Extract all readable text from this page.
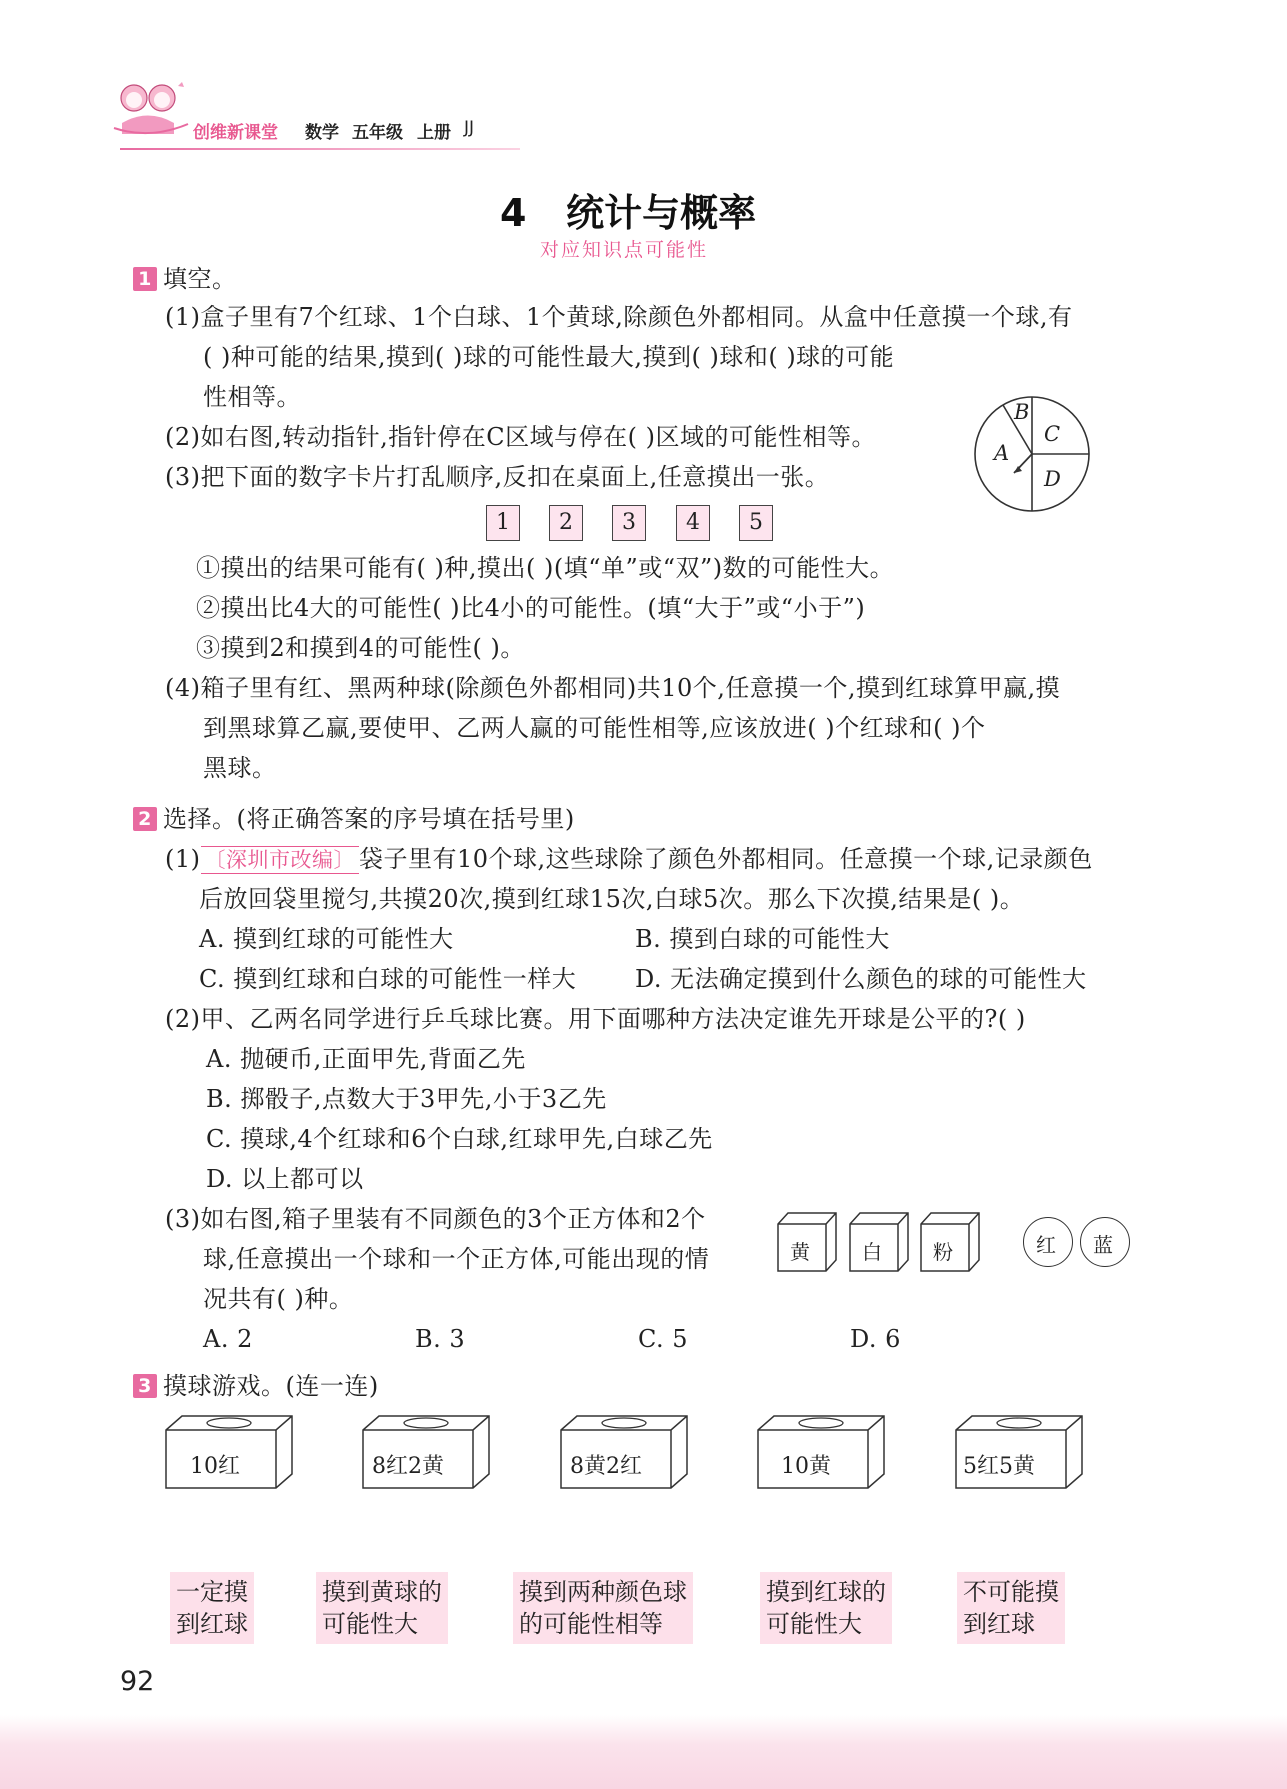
创维新课堂 数学 五年级 上册 JJ
4   统计与概率
对应知识点可能性
1 填空。
(1)盒子里有7个红球、1个白球、1个黄球,除颜色外都相同。从盒中任意摸一个球,有
( )种可能的结果,摸到( )球的可能性最大,摸到( )球和( )球的可能
性相等。
(2)如右图,转动指针,指针停在C区域与停在( )区域的可能性相等。
(3)把下面的数字卡片打乱顺序,反扣在桌面上,任意摸出一张。
B
C
A
D
1	2	3	4	5
①摸出的结果可能有( )种,摸出( )(填“单”或“双”)数的可能性大。
②摸出比4大的可能性( )比4小的可能性。(填“大于”或“小于”)
③摸到2和摸到4的可能性( )。
(4)箱子里有红、黑两种球(除颜色外都相同)共10个,任意摸一个,摸到红球算甲赢,摸
到黑球算乙赢,要使甲、乙两人赢的可能性相等,应该放进( )个红球和( )个
黑球。
2 选择。(将正确答案的序号填在括号里)
(1) 〔深圳市改编〕 袋子里有10个球,这些球除了颜色外都相同。任意摸一个球,记录颜色
后放回袋里搅匀,共摸20次,摸到红球15次,白球5次。那么下次摸,结果是( )。
A. 摸到红球的可能性大	B. 摸到白球的可能性大
C. 摸到红球和白球的可能性一样大 D. 无法确定摸到什么颜色的球的可能性大
(2)甲、乙两名同学进行乒乓球比赛。用下面哪种方法决定谁先开球是公平的?( )
A. 抛硬币,正面甲先,背面乙先
B. 掷骰子,点数大于3甲先,小于3乙先
C. 摸球,4个红球和6个白球,红球甲先,白球乙先
D. 以上都可以
(3)如右图,箱子里装有不同颜色的3个正方体和2个
球,任意摸出一个球和一个正方体,可能出现的情
况共有( )种。
黄	白	粉	红 蓝
A. 2	B. 3	C. 5	D. 6
3 摸球游戏。(连一连)
10红	8红2黄	8黄2红	10黄	5红5黄
一定摸
到红球
摸到黄球的
可能性大
摸到两种颜色球
的可能性相等
摸到红球的
可能性大
不可能摸
到红球
92
